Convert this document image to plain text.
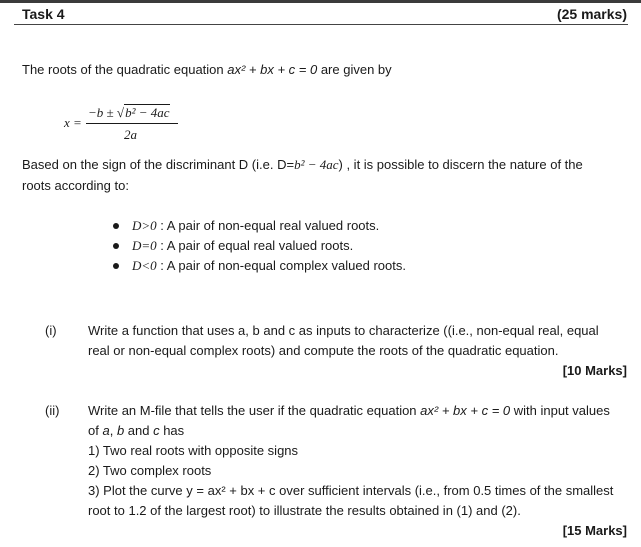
Task 4	(25 marks)
The roots of the quadratic equation ax² + bx + c = 0 are given by
x =
−b ± √b² − 4ac
2a
Based on the sign of the discriminant D (i.e. D=b² − 4ac) , it is possible to discern the nature of the
roots according to:
D>0 : A pair of non-equal real valued roots.
D=0 : A pair of equal real valued roots.
D<0 : A pair of non-equal complex valued roots.
(i) Write a function that uses a, b and c as inputs to characterize ((i.e., non-equal real, equal
real or non-equal complex roots) and compute the roots of the quadratic equation.
[10 Marks]
(ii) Write an M-file that tells the user if the quadratic equation ax² + bx + c = 0 with input values
of a, b and c has
1) Two real roots with opposite signs
2) Two complex roots
3) Plot the curve y = ax² + bx + c over sufficient intervals (i.e., from 0.5 times of the smallest
root to 1.2 of the largest root) to illustrate the results obtained in (1) and (2).
[15 Marks]
